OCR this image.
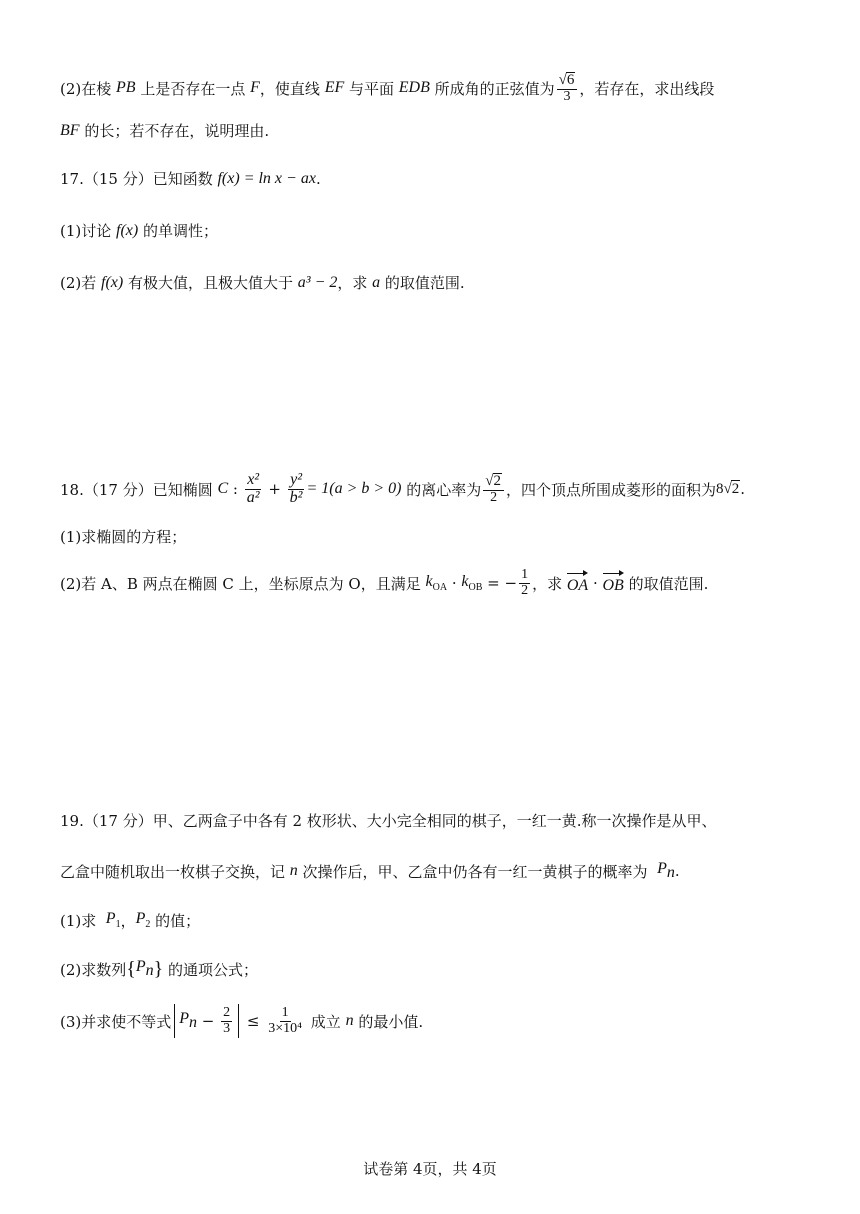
(2)在棱 PB 上是否存在一点 F ，使直线 EF 与平面 EDB 所成角的正弦值为 $\frac{√ 6}{3}$ ，若存在，求出线段
BF 的长；若不存在，说明理由.
17.（15 分）已知函数 f(x) = ln x − ax .
(1)讨论 f(x) 的单调性；
(2)若 f(x) 有极大值，且极大值大于 a³ − 2 ，求 a 的取值范围.
18.（17 分）已知椭圆 C : $\frac{\text{x²}}{\text{a²}} + \frac{\text{y²}}{\text{b²}} = 1(a > b > 0)$ 的离心率为 $\frac{√ 2}{2}$ ，四个顶点所围成菱形的面积为 8 √ 2 .
(1)求椭圆的方程；
(2)若 A、B 两点在椭圆 C 上，坐标原点为 O，且满足 $k_{OA} \cdot k_{OB}$ = − $\frac{1}{2}$ ，求 OA · OB 的取值范围.
19.（17 分）甲、乙两盒子中各有 2 枚形状、大小完全相同的棋子，一红一黄.称一次操作是从甲、
乙盒中随机取出一枚棋子交换，记 n 次操作后，甲、乙盒中仍各有一红一黄棋子的概率为 $P_n$ .
(1)求 $P_1$ ， $P_2$ 的值；
(2)求数列 { $P_n$ } 的通项公式；
(3)并求使不等式 $P_n - \frac{2}{3} \le \frac{1}{\text{3×10⁴}}$ 成立 n 的最小值.
试卷第 4页，共 4页
